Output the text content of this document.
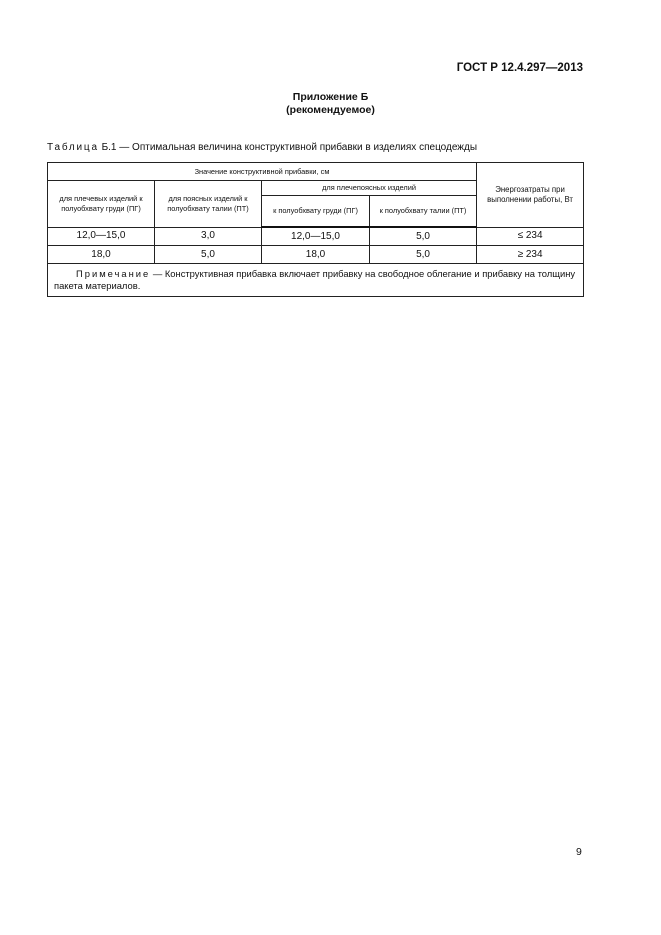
ГОСТ Р 12.4.297—2013
Приложение Б
(рекомендуемое)
Таблица Б.1 — Оптимальная величина конструктивной прибавки в изделиях спецодежды
Значение конструктивной прибавки, см				Энергозатраты при выполнении работы, Вт
для плечевых изделий к полуобхвату груди (ПГ)	для поясных изделий к полуобхвату талии (ПТ)	для плечепоясных изделий		
		к полуобхвату груди (ПГ)	к полуобхвату талии (ПТ)	
12,0—15,0	3,0	12,0—15,0	5,0	≤ 234
18,0	5,0	18,0	5,0	≥ 234
Примечание — Конструктивная прибавка включает прибавку на свободное облегание и прибавку на толщину пакета материалов.				
9
